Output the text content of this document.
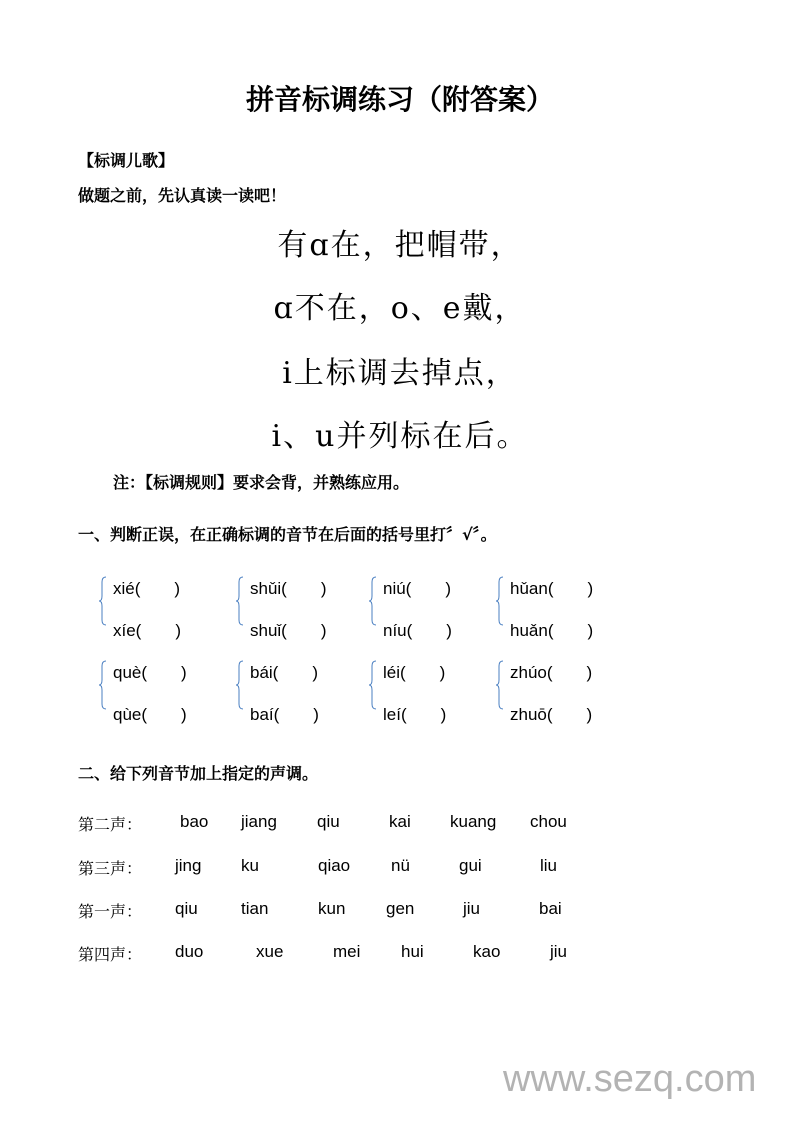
拼音标调练习（附答案）
【标调儿歌】
做题之前，先认真读一读吧！
有ɑ在，把帽带，
ɑ不在，o、e戴，
i上标调去掉点，
i、u并列标在后。
注：【标调规则】要求会背，并熟练应用。
一、判断正误，在正确标调的音节在后面的括号里打〞√〞。
二、给下列音节加上指定的声调。
www.sezq.com
xié(　　)
xíe(　　)
shǔi(　　)
shuǐ(　　)
niú(　　)
níu(　　)
hǔan(　　)
huǎn(　　)
què(　　)
qùe(　　)
bái(　　)
baí(　　)
léi(　　)
leí(　　)
zhúo(　　)
zhuō(　　)
第二声： bao jiang qiu	kai kuang chou
第三声： jing ku	qiao nü	gui	liu
第一声： qiu	tian	kun gen	jiu	bai
第四声： duo	xue	mei hui	kao	jiu
